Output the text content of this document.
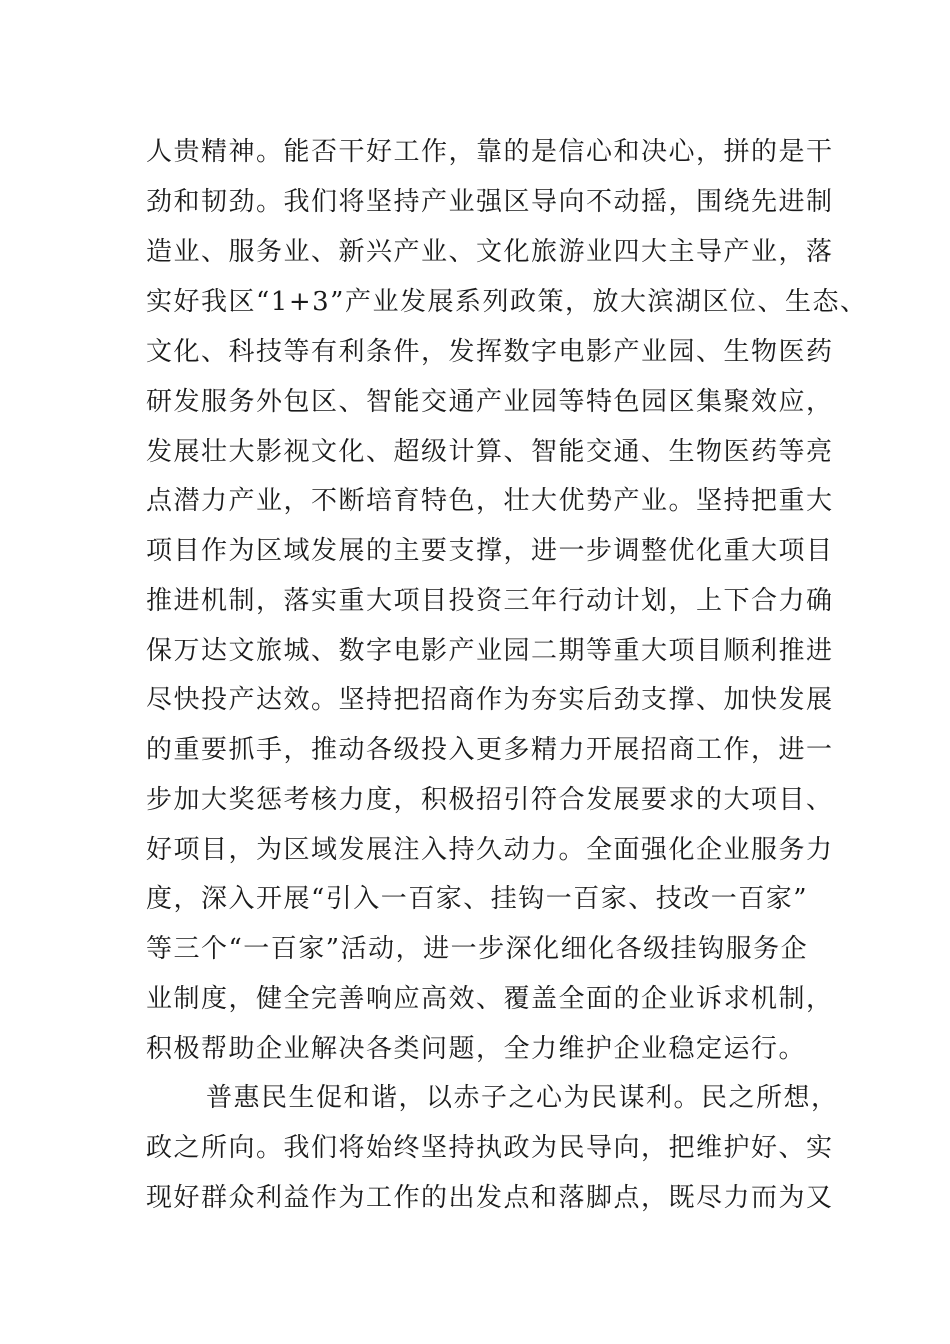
人贵精神。能否干好工作，靠的是信心和决心，拼的是干
劲和韧劲。我们将坚持产业强区导向不动摇，围绕先进制
造业、服务业、新兴产业、文化旅游业四大主导产业，落
实好我区“1+3”产业发展系列政策，放大滨湖区位、生态、
文化、科技等有利条件，发挥数字电影产业园、生物医药
研发服务外包区、智能交通产业园等特色园区集聚效应，
发展壮大影视文化、超级计算、智能交通、生物医药等亮
点潜力产业，不断培育特色，壮大优势产业。坚持把重大
项目作为区域发展的主要支撑，进一步调整优化重大项目
推进机制，落实重大项目投资三年行动计划，上下合力确
保万达文旅城、数字电影产业园二期等重大项目顺利推进
尽快投产达效。坚持把招商作为夯实后劲支撑、加快发展
的重要抓手，推动各级投入更多精力开展招商工作，进一
步加大奖惩考核力度，积极招引符合发展要求的大项目、
好项目，为区域发展注入持久动力。全面强化企业服务力
度，深入开展“引入一百家、挂钩一百家、技改一百家”
等三个“一百家”活动，进一步深化细化各级挂钩服务企
业制度，健全完善响应高效、覆盖全面的企业诉求机制，
积极帮助企业解决各类问题，全力维护企业稳定运行。
普惠民生促和谐，以赤子之心为民谋利。民之所想，
政之所向。我们将始终坚持执政为民导向，把维护好、实
现好群众利益作为工作的出发点和落脚点，既尽力而为又
